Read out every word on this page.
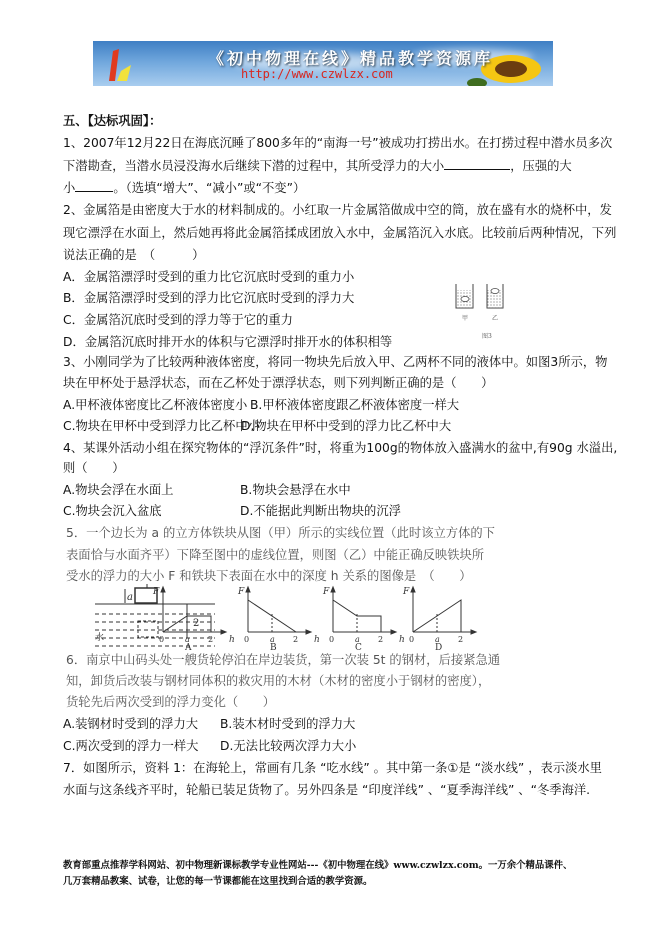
《初中物理在线》精品教学资源库
http://www.czwlzx.com
五、【达标巩固】：
1、2007年12月22日在海底沉睡了800多年的“南海一号”被成功打捞出水。在打捞过程中潜水员多次
下潜勘查，当潜水员浸没海水后继续下潜的过程中，其所受浮力的大小	，压强的大
小	。（选填“增大”、“减小”或“不变”）
2、金属箔是由密度大于水的材料制成的。小红取一片金属箔做成中空的筒，放在盛有水的烧杯中，发
现它漂浮在水面上，然后她再将此金属箔揉成团放入水中，金属箔沉入水底。比较前后两种情况，下列
说法正确的是　（　　　）
A．金属箔漂浮时受到的重力比它沉底时受到的重力小
B．金属箔漂浮时受到的浮力比它沉底时受到的浮力大
C．金属箔沉底时受到的浮力等于它的重力
D．金属箔沉底时排开水的体积与它漂浮时排开水的体积相等
甲	乙
图3
3、小刚同学为了比较两种液体密度，将同一物块先后放入甲、乙两杯不同的液体中。如图3所示，物
块在甲杯处于悬浮状态，而在乙杯处于漂浮状态，则下列判断正确的是（　　）
A.甲杯液体密度比乙杯液体密度小 B.甲杯液体密度跟乙杯液体密度一样大
C.物块在甲杯中受到浮力比乙杯中小
D.物块在甲杯中受到的浮力比乙杯中大
4、某课外活动小组在探究物体的“浮沉条件”时，将重为100g的物体放入盛满水的盆中,有90g 水溢出,
则（　　）
A.物块会浮在水面上	B.物块会悬浮在水中
C.物块会沉入盆底	D.不能据此判断出物块的沉浮
5．一个边长为 a 的立方体铁块从图（甲）所示的实线位置（此时该立方体的下
表面恰与水面齐平）下降至图中的虚线位置，则图（乙）中能正确反映铁块所
受水的浮力的大小 F 和铁块下表面在水中的深度 h 关系的图像是　（　　）
a
2
水
F
h
0	a 2
A
F
h
0	a 2
B
F
h
0	a 2
C
F
0	a 2
D
6．南京中山码头处一艘货轮停泊在岸边装货，第一次装 5t 的钢材，后接紧急通
知，卸货后改装与钢材同体积的救灾用的木材（木材的密度小于钢材的密度），
货轮先后两次受到的浮力变化（　　）
A.装钢材时受到的浮力大 B.装木材时受到的浮力大
C.两次受到的浮力一样大 D.无法比较两次浮力大小
7．如图所示，资料 1：在海轮上，常画有几条 “吃水线” 。其中第一条①是 “淡水线” ，表示淡水里
水面与这条线齐平时，轮船已装足货物了。另外四条是 “印度洋线” 、“夏季海洋线” 、“冬季海洋.
教育部重点推荐学科网站、初中物理新课标教学专业性网站---《初中物理在线》www.czwlzx.com。一万余个精品课件、
几万套精品教案、试卷，让您的每一节课都能在这里找到合适的教学资源。
